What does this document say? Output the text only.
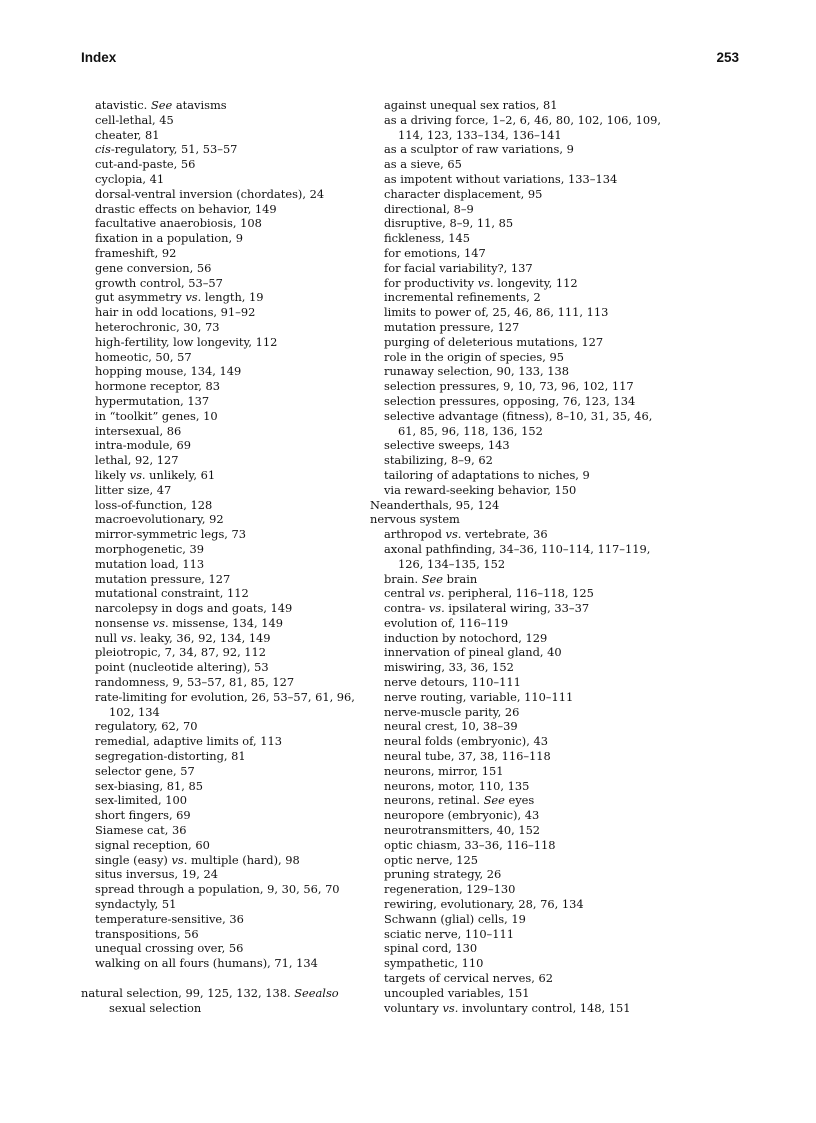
Index	253
atavistic. See atavisms
cell-lethal, 45
cheater, 81
cis-regulatory, 51, 53–57
cut-and-paste, 56
cyclopia, 41
dorsal-ventral inversion (chordates), 24
drastic effects on behavior, 149
facultative anaerobiosis, 108
fixation in a population, 9
frameshift, 92
gene conversion, 56
growth control, 53–57
gut asymmetry vs. length, 19
hair in odd locations, 91–92
heterochronic, 30, 73
high-fertility, low longevity, 112
homeotic, 50, 57
hopping mouse, 134, 149
hormone receptor, 83
hypermutation, 137
in “toolkit” genes, 10
intersexual, 86
intra-module, 69
lethal, 92, 127
likely vs. unlikely, 61
litter size, 47
loss-of-function, 128
macroevolutionary, 92
mirror-symmetric legs, 73
morphogenetic, 39
mutation load, 113
mutation pressure, 127
mutational constraint, 112
narcolepsy in dogs and goats, 149
nonsense vs. missense, 134, 149
null vs. leaky, 36, 92, 134, 149
pleiotropic, 7, 34, 87, 92, 112
point (nucleotide altering), 53
randomness, 9, 53–57, 81, 85, 127
rate-limiting for evolution, 26, 53–57, 61, 96,
102, 134
regulatory, 62, 70
remedial, adaptive limits of, 113
segregation-distorting, 81
selector gene, 57
sex-biasing, 81, 85
sex-limited, 100
short fingers, 69
Siamese cat, 36
signal reception, 60
single (easy) vs. multiple (hard), 98
situs inversus, 19, 24
spread through a population, 9, 30, 56, 70
syndactyly, 51
temperature-sensitive, 36
transpositions, 56
unequal crossing over, 56
walking on all fours (humans), 71, 134
natural selection, 99, 125, 132, 138. Seealso
sexual selection
against unequal sex ratios, 81
as a driving force, 1–2, 6, 46, 80, 102, 106, 109,
114, 123, 133–134, 136–141
as a sculptor of raw variations, 9
as a sieve, 65
as impotent without variations, 133–134
character displacement, 95
directional, 8–9
disruptive, 8–9, 11, 85
fickleness, 145
for emotions, 147
for facial variability?, 137
for productivity vs. longevity, 112
incremental refinements, 2
limits to power of, 25, 46, 86, 111, 113
mutation pressure, 127
purging of deleterious mutations, 127
role in the origin of species, 95
runaway selection, 90, 133, 138
selection pressures, 9, 10, 73, 96, 102, 117
selection pressures, opposing, 76, 123, 134
selective advantage (fitness), 8–10, 31, 35, 46,
61, 85, 96, 118, 136, 152
selective sweeps, 143
stabilizing, 8–9, 62
tailoring of adaptations to niches, 9
via reward-seeking behavior, 150
Neanderthals, 95, 124
nervous system
arthropod vs. vertebrate, 36
axonal pathfinding, 34–36, 110–114, 117–119,
126, 134–135, 152
brain. See brain
central vs. peripheral, 116–118, 125
contra- vs. ipsilateral wiring, 33–37
evolution of, 116–119
induction by notochord, 129
innervation of pineal gland, 40
miswiring, 33, 36, 152
nerve detours, 110–111
nerve routing, variable, 110–111
nerve-muscle parity, 26
neural crest, 10, 38–39
neural folds (embryonic), 43
neural tube, 37, 38, 116–118
neurons, mirror, 151
neurons, motor, 110, 135
neurons, retinal. See eyes
neuropore (embryonic), 43
neurotransmitters, 40, 152
optic chiasm, 33–36, 116–118
optic nerve, 125
pruning strategy, 26
regeneration, 129–130
rewiring, evolutionary, 28, 76, 134
Schwann (glial) cells, 19
sciatic nerve, 110–111
spinal cord, 130
sympathetic, 110
targets of cervical nerves, 62
uncoupled variables, 151
voluntary vs. involuntary control, 148, 151
